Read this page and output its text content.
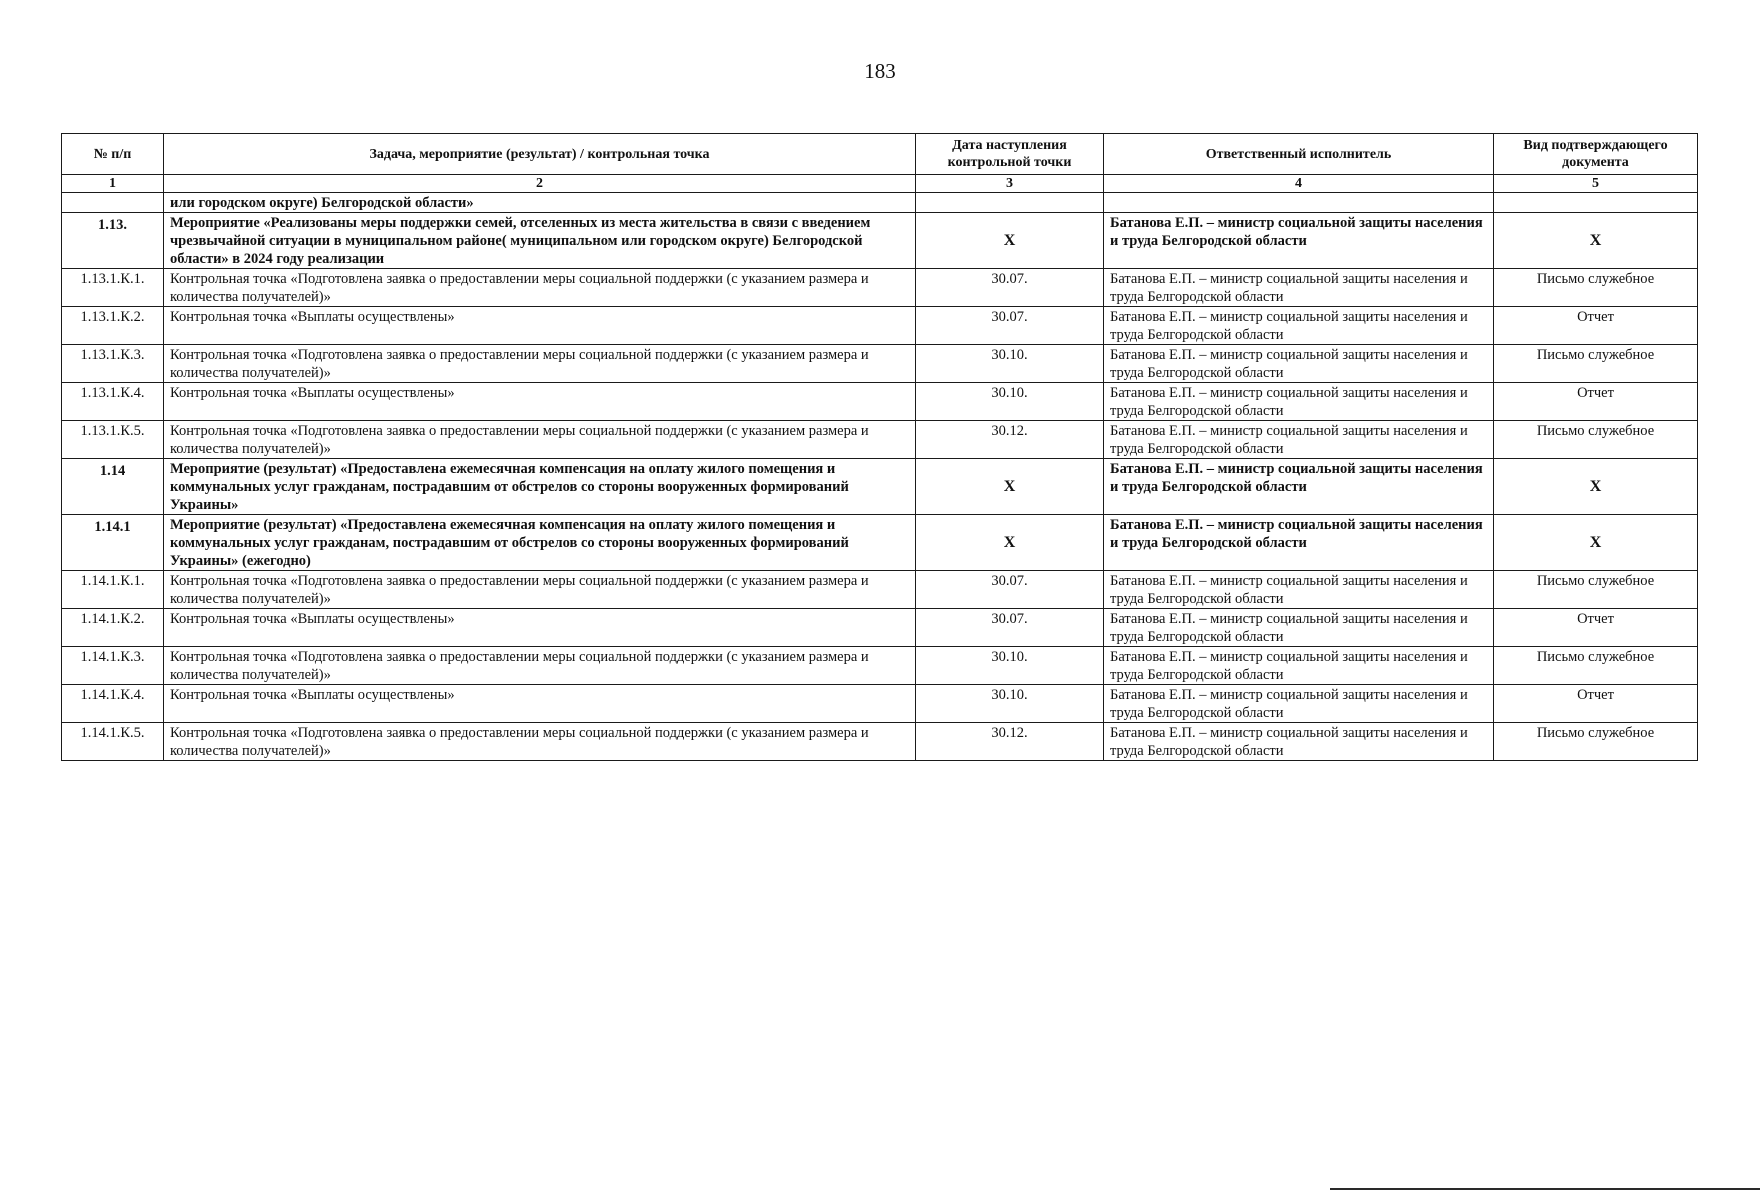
183
№ п/п	Задача, мероприятие (результат) / контрольная точка	Дата наступления контрольной точки	Ответственный исполнитель	Вид подтверждающего документа
1	2	3	4	5
	или городском округе) Белгородской области»			
1.13.	Мероприятие «Реализованы меры поддержки семей, отселенных из места жительства в связи с введением чрезвычайной ситуации в муниципальном районе( муниципальном или городском округе) Белгородской области» в 2024 году реализации	X	Батанова Е.П. – министр социальной защиты населения и труда Белгородской области	X
1.13.1.К.1.	Контрольная точка «Подготовлена заявка о предоставлении меры социальной поддержки (с указанием размера и количества получателей)»	30.07.	Батанова Е.П. – министр социальной защиты населения и труда Белгородской области	Письмо служебное
1.13.1.К.2.	Контрольная точка «Выплаты осуществлены»	30.07.	Батанова Е.П. – министр социальной защиты населения и труда Белгородской области	Отчет
1.13.1.К.3.	Контрольная точка «Подготовлена заявка о предоставлении меры социальной поддержки (с указанием размера и количества получателей)»	30.10.	Батанова Е.П. – министр социальной защиты населения и труда Белгородской области	Письмо служебное
1.13.1.К.4.	Контрольная точка «Выплаты осуществлены»	30.10.	Батанова Е.П. – министр социальной защиты населения и труда Белгородской области	Отчет
1.13.1.К.5.	Контрольная точка «Подготовлена заявка о предоставлении меры социальной поддержки (с указанием размера и количества получателей)»	30.12.	Батанова Е.П. – министр социальной защиты населения и труда Белгородской области	Письмо служебное
1.14	Мероприятие (результат) «Предоставлена ежемесячная компенсация на оплату жилого помещения и коммунальных услуг гражданам, пострадавшим от обстрелов со стороны вооруженных формирований Украины»	X	Батанова Е.П. – министр социальной защиты населения и труда Белгородской области	X
1.14.1	Мероприятие (результат) «Предоставлена ежемесячная компенсация на оплату жилого помещения и коммунальных услуг гражданам, пострадавшим от обстрелов со стороны вооруженных формирований Украины» (ежегодно)	X	Батанова Е.П. – министр социальной защиты населения и труда Белгородской области	X
1.14.1.К.1.	Контрольная точка «Подготовлена заявка о предоставлении меры социальной поддержки (с указанием размера и количества получателей)»	30.07.	Батанова Е.П. – министр социальной защиты населения и труда Белгородской области	Письмо служебное
1.14.1.К.2.	Контрольная точка «Выплаты осуществлены»	30.07.	Батанова Е.П. – министр социальной защиты населения и труда Белгородской области	Отчет
1.14.1.К.3.	Контрольная точка «Подготовлена заявка о предоставлении меры социальной поддержки (с указанием размера и количества получателей)»	30.10.	Батанова Е.П. – министр социальной защиты населения и труда Белгородской области	Письмо служебное
1.14.1.К.4.	Контрольная точка «Выплаты осуществлены»	30.10.	Батанова Е.П. – министр социальной защиты населения и труда Белгородской области	Отчет
1.14.1.К.5.	Контрольная точка «Подготовлена заявка о предоставлении меры социальной поддержки (с указанием размера и количества получателей)»	30.12.	Батанова Е.П. – министр социальной защиты населения и труда Белгородской области	Письмо служебное
